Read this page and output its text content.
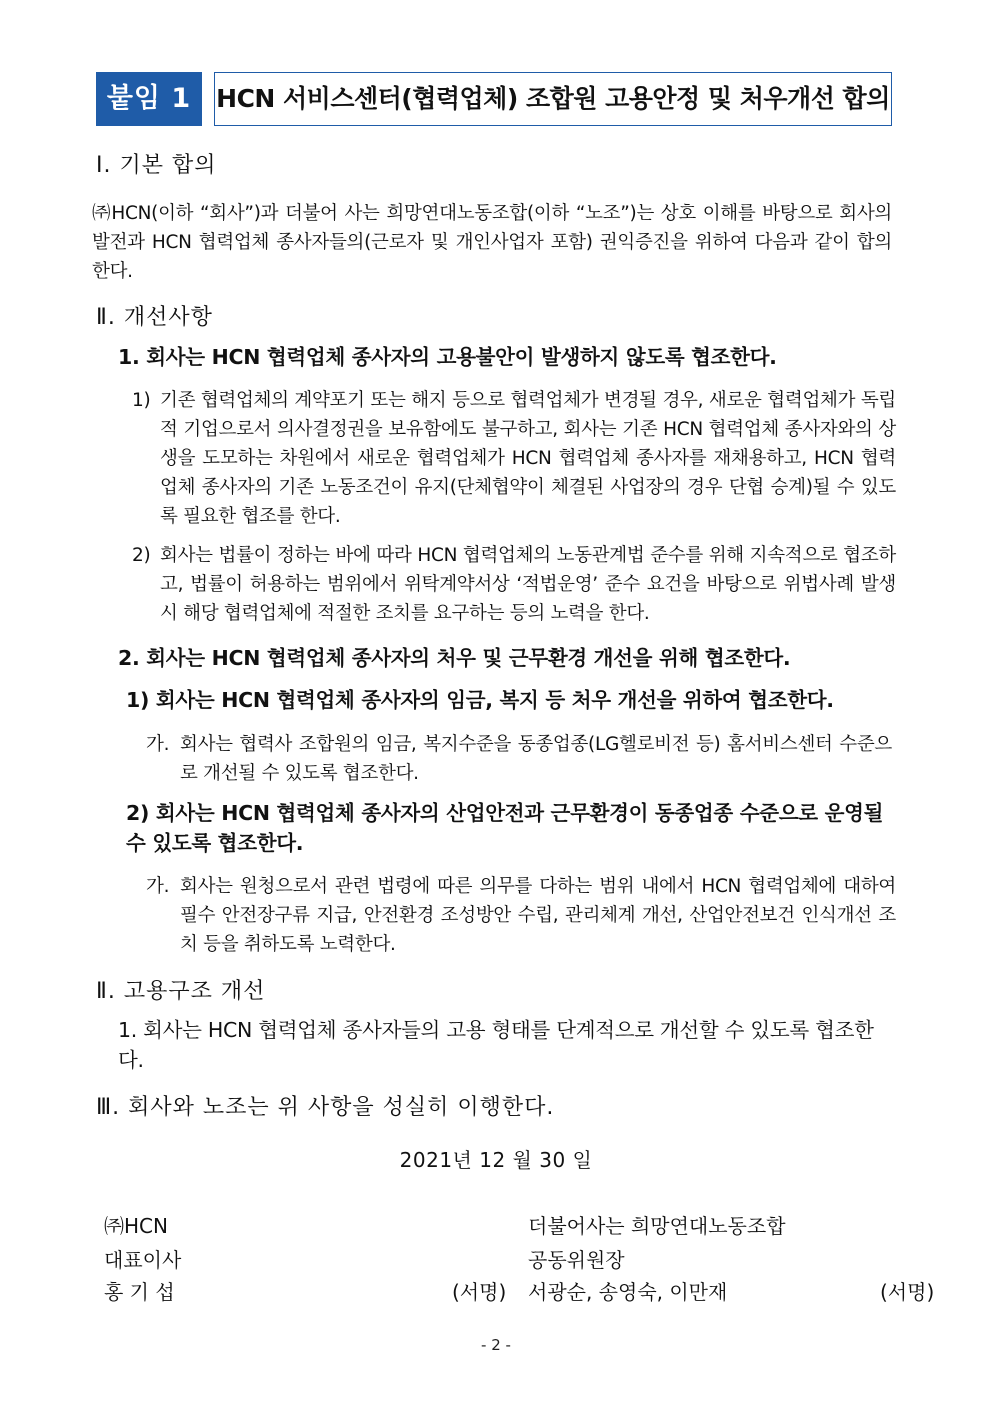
붙임 1 HCN 서비스센터(협력업체) 조합원 고용안정 및 처우개선 합의
Ⅰ. 기본 합의
㈜HCN(이하 “회사”)과 더불어 사는 희망연대노동조합(이하 “노조”)는 상호 이해를 바탕으로 회사의 발전과 HCN 협력업체 종사자들의(근로자 및 개인사업자 포함) 권익증진을 위하여 다음과 같이 합의한다.
Ⅱ. 개선사항
1. 회사는 HCN 협력업체 종사자의 고용불안이 발생하지 않도록 협조한다.
1) 기존 협력업체의 계약포기 또는 해지 등으로 협력업체가 변경될 경우, 새로운 협력업체가 독립적 기업으로서 의사결정권을 보유함에도 불구하고, 회사는 기존 HCN 협력업체 종사자와의 상생을 도모하는 차원에서 새로운 협력업체가 HCN 협력업체 종사자를 재채용하고, HCN 협력업체 종사자의 기존 노동조건이 유지(단체협약이 체결된 사업장의 경우 단협 승계)될 수 있도록 필요한 협조를 한다.
2) 회사는 법률이 정하는 바에 따라 HCN 협력업체의 노동관계법 준수를 위해 지속적으로 협조하고, 법률이 허용하는 범위에서 위탁계약서상 ‘적법운영’ 준수 요건을 바탕으로 위법사례 발생 시 해당 협력업체에 적절한 조치를 요구하는 등의 노력을 한다.
2. 회사는 HCN 협력업체 종사자의 처우 및 근무환경 개선을 위해 협조한다.
1) 회사는 HCN 협력업체 종사자의 임금, 복지 등 처우 개선을 위하여 협조한다.
가. 회사는 협력사 조합원의 임금, 복지수준을 동종업종(LG헬로비전 등) 홈서비스센터 수준으로 개선될 수 있도록 협조한다.
2) 회사는 HCN 협력업체 종사자의 산업안전과 근무환경이 동종업종 수준으로 운영될 수 있도록 협조한다.
가. 회사는 원청으로서 관련 법령에 따른 의무를 다하는 범위 내에서 HCN 협력업체에 대하여 필수 안전장구류 지급, 안전환경 조성방안 수립, 관리체계 개선, 산업안전보건 인식개선 조치 등을 취하도록 노력한다.
Ⅱ. 고용구조 개선
1. 회사는 HCN 협력업체 종사자들의 고용 형태를 단계적으로 개선할 수 있도록 협조한다.
Ⅲ. 회사와 노조는 위 사항을 성실히 이행한다.
2021년 12 월 30 일
㈜HCN
대표이사
홍 기 섭	(서명)
더불어사는 희망연대노동조합
공동위원장
서광순, 송영숙, 이만재	(서명)
- 2 -
